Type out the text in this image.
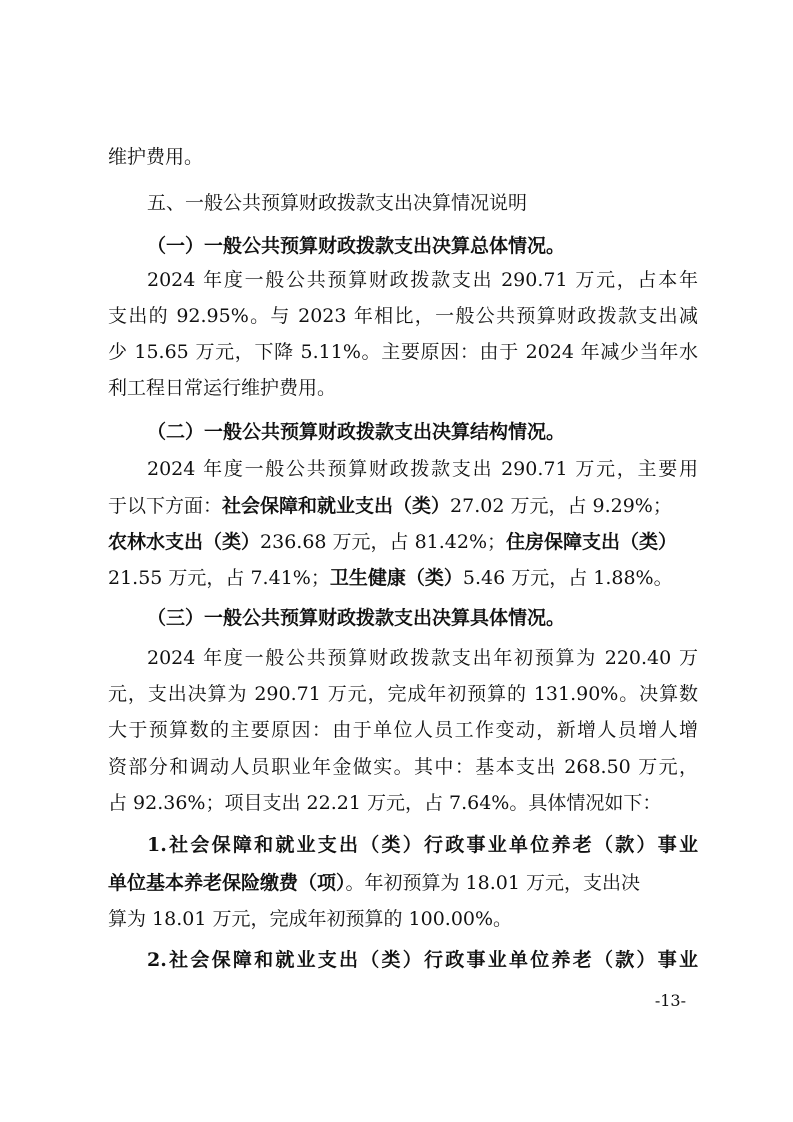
维护费用。
五、一般公共预算财政拨款支出决算情况说明
（一）一般公共预算财政拨款支出决算总体情况。
2024 年度一般公共预算财政拨款支出 290.71 万元，占本年
支出的 92.95%。与 2023 年相比，一般公共预算财政拨款支出减
少 15.65 万元，下降 5.11%。主要原因：由于 2024 年减少当年水
利工程日常运行维护费用。
（二）一般公共预算财政拨款支出决算结构情况。
2024 年度一般公共预算财政拨款支出 290.71 万元，主要用
于以下方面：社会保障和就业支出（类）27.02 万元，占 9.29%；
农林水支出（类）236.68 万元，占 81.42%；住房保障支出（类）
21.55 万元，占 7.41%；卫生健康（类）5.46 万元，占 1.88%。
（三）一般公共预算财政拨款支出决算具体情况。
2024 年度一般公共预算财政拨款支出年初预算为 220.40 万
元，支出决算为 290.71 万元，完成年初预算的 131.90%。决算数
大于预算数的主要原因：由于单位人员工作变动，新增人员增人增
资部分和调动人员职业年金做实。其中：基本支出 268.50 万元，
占 92.36%；项目支出 22.21 万元，占 7.64%。具体情况如下：
1.社会保障和就业支出（类）行政事业单位养老（款）事业
单位基本养老保险缴费（项）。年初预算为 18.01 万元，支出决
算为 18.01 万元，完成年初预算的 100.00%。
2.社会保障和就业支出（类）行政事业单位养老（款）事业
-13-
